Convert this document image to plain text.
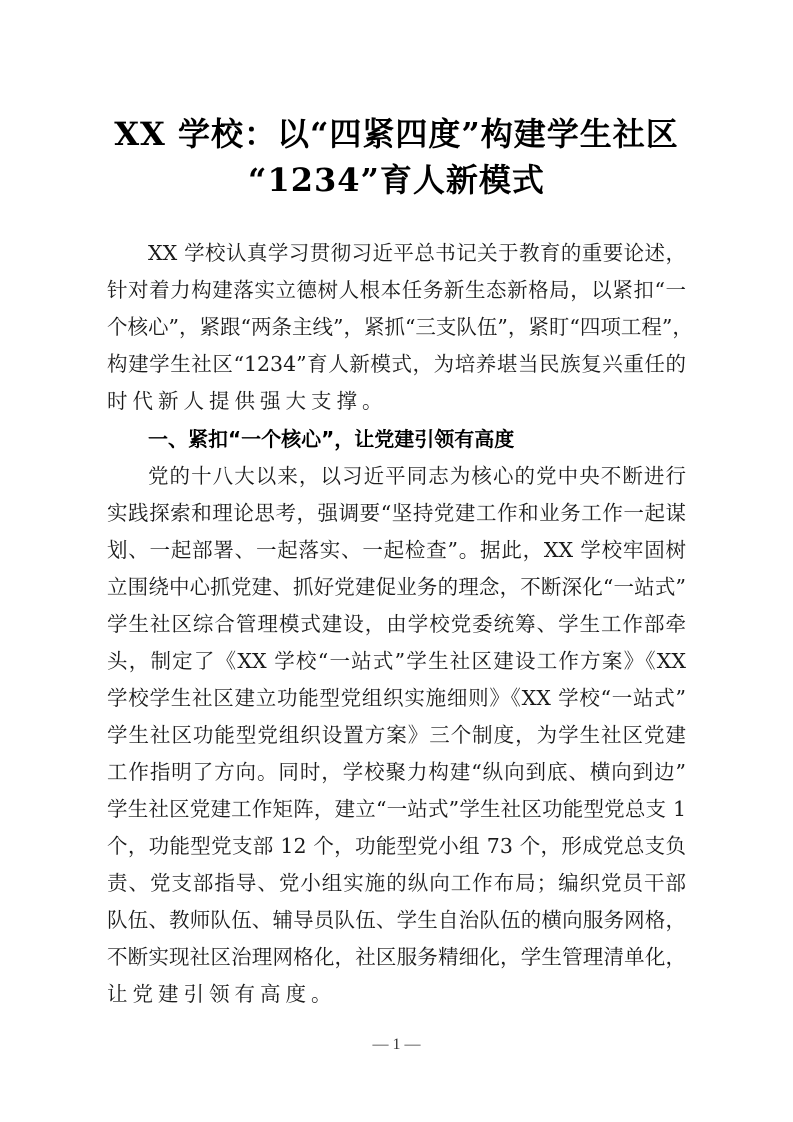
XX 学校：以“四紧四度”构建学生社区
“1234”育人新模式
XX 学校认真学习贯彻习近平总书记关于教育的重要论述，
针对着力构建落实立德树人根本任务新生态新格局，以紧扣“一
个核心”，紧跟“两条主线”，紧抓“三支队伍”，紧盯“四项工程”，
构建学生社区“1234”育人新模式，为培养堪当民族复兴重任的
时代新人提供强大支撑。
一、紧扣“一个核心”，让党建引领有高度
党的十八大以来，以习近平同志为核心的党中央不断进行
实践探索和理论思考，强调要“坚持党建工作和业务工作一起谋
划、一起部署、一起落实、一起检查”。据此，XX 学校牢固树
立围绕中心抓党建、抓好党建促业务的理念，不断深化“一站式”
学生社区综合管理模式建设，由学校党委统筹、学生工作部牵
头，制定了《XX 学校“一站式”学生社区建设工作方案》《XX
学校学生社区建立功能型党组织实施细则》《XX 学校“一站式”
学生社区功能型党组织设置方案》三个制度，为学生社区党建
工作指明了方向。同时，学校聚力构建“纵向到底、横向到边”
学生社区党建工作矩阵，建立“一站式”学生社区功能型党总支 1
个，功能型党支部 12 个，功能型党小组 73 个，形成党总支负
责、党支部指导、党小组实施的纵向工作布局；编织党员干部
队伍、教师队伍、辅导员队伍、学生自治队伍的横向服务网格，
不断实现社区治理网格化，社区服务精细化，学生管理清单化，
让党建引领有高度。
— 1 —
